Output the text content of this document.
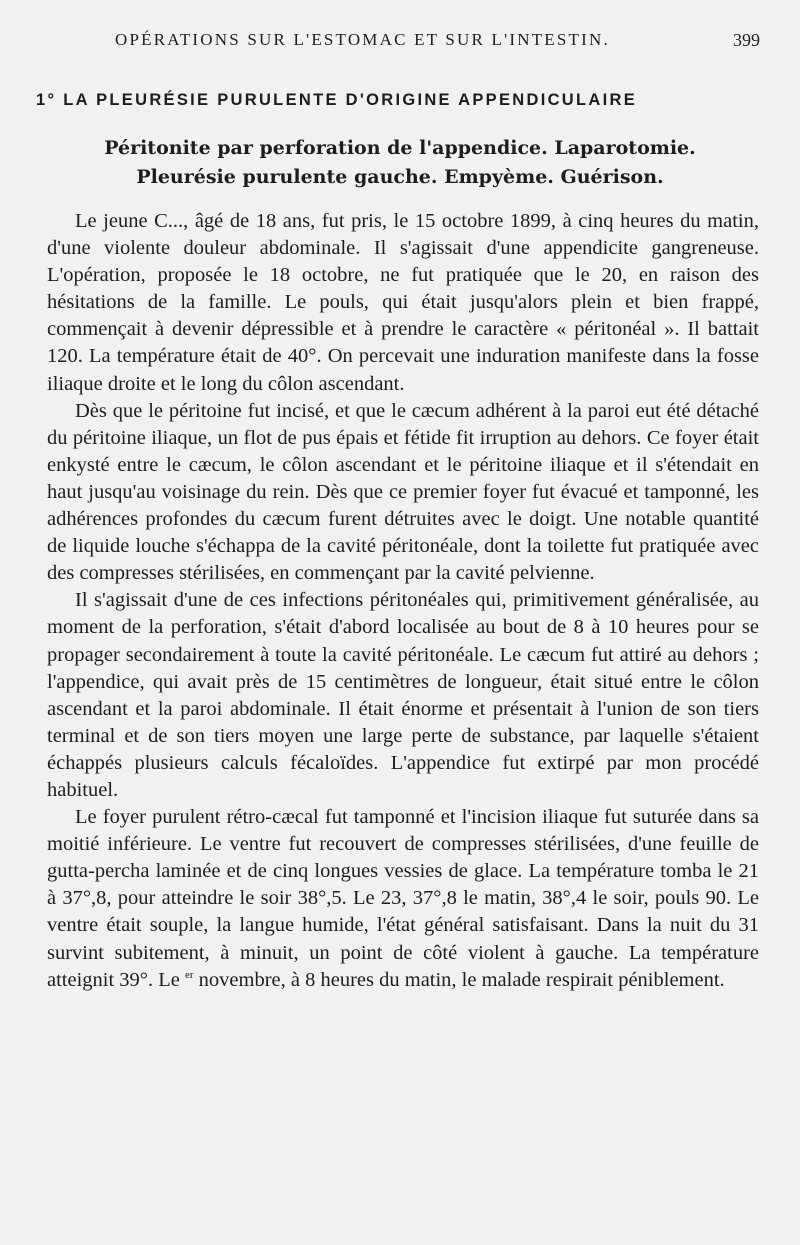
OPÉRATIONS SUR L'ESTOMAC ET SUR L'INTESTIN.	399
1° LA PLEURÉSIE PURULENTE D'ORIGINE APPENDICULAIRE
Péritonite par perforation de l'appendice. Laparotomie.
Pleurésie purulente gauche. Empyème. Guérison.

Le jeune C..., âgé de 18 ans, fut pris, le 15 octobre 1899, à cinq heures du matin, d'une violente douleur abdominale. Il s'agissait d'une appendicite gangreneuse. L'opération, proposée le 18 octobre, ne fut pratiquée que le 20, en raison des hésitations de la famille. Le pouls, qui était jusqu'alors plein et bien frappé, commençait à devenir dépressible et à prendre le caractère « péritonéal ». Il battait 120. La température était de 40°. On percevait une induration manifeste dans la fosse iliaque droite et le long du côlon ascendant.

Dès que le péritoine fut incisé, et que le cæcum adhérent à la paroi eut été détaché du péritoine iliaque, un flot de pus épais et fétide fit irruption au dehors. Ce foyer était enkysté entre le cæcum, le côlon ascendant et le péritoine iliaque et il s'étendait en haut jusqu'au voisinage du rein. Dès que ce premier foyer fut évacué et tamponné, les adhérences profondes du cæcum furent détruites avec le doigt. Une notable quantité de liquide louche s'échappa de la cavité péritonéale, dont la toilette fut pratiquée avec des compresses stérilisées, en commençant par la cavité pelvienne.

Il s'agissait d'une de ces infections péritonéales qui, primitivement généralisée, au moment de la perforation, s'était d'abord localisée au bout de 8 à 10 heures pour se propager secondairement à toute la cavité péritonéale. Le cæcum fut attiré au dehors ; l'appendice, qui avait près de 15 centimètres de longueur, était situé entre le côlon ascendant et la paroi abdominale. Il était énorme et présentait à l'union de son tiers terminal et de son tiers moyen une large perte de substance, par laquelle s'étaient échappés plusieurs calculs fécaloïdes. L'appendice fut extirpé par mon procédé habituel.

Le foyer purulent rétro-cæcal fut tamponné et l'incision iliaque fut suturée dans sa moitié inférieure. Le ventre fut recouvert de compresses stérilisées, d'une feuille de gutta-percha laminée et de cinq longues vessies de glace. La température tomba le 21 à 37°,8, pour atteindre le soir 38°,5. Le 23, 37°,8 le matin, 38°,4 le soir, pouls 90. Le ventre était souple, la langue humide, l'état général satisfaisant. Dans la nuit du 31 survint subitement, à minuit, un point de côté violent à gauche. La température atteignit 39°. Le $^{er}$ novembre, à 8 heures du matin, le malade respirait péniblement.
